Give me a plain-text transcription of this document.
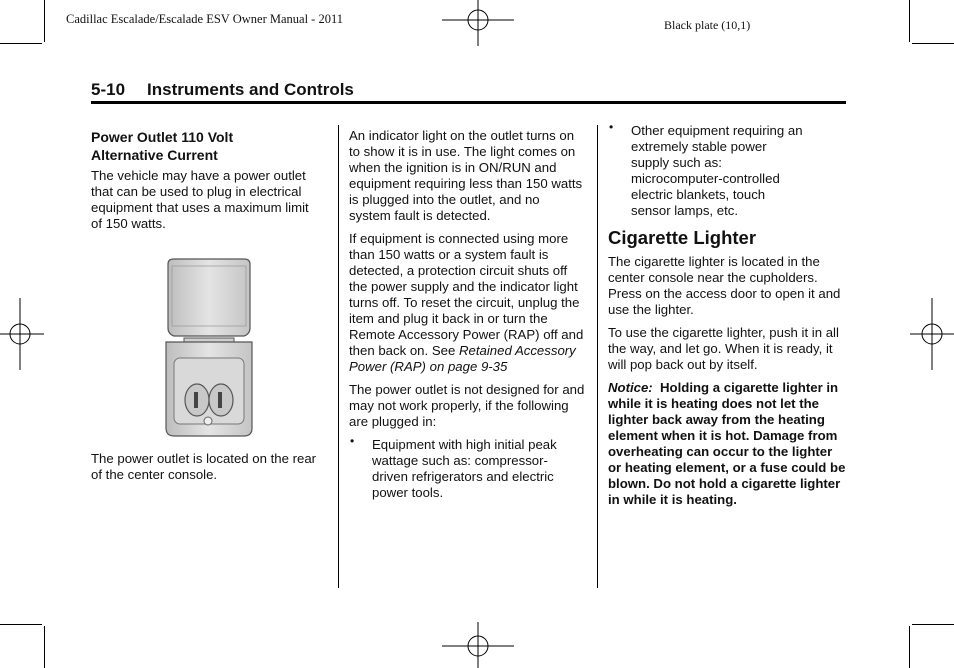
Cadillac Escalade/Escalade ESV Owner Manual - 2011	Black plate (10,1)
5-10 Instruments and Controls
Power Outlet 110 Volt
Alternative Current

The vehicle may have a power outlet that can be used to plug in electrical equipment that uses a maximum limit of 150 watts.

The power outlet is located on the rear of the center console.

An indicator light on the outlet turns on to show it is in use. The light comes on when the ignition is in ON/RUN and equipment requiring less than 150 watts is plugged into the outlet, and no system fault is detected.

If equipment is connected using more than 150 watts or a system fault is detected, a protection circuit shuts off the power supply and the indicator light turns off. To reset the circuit, unplug the item and plug it back in or turn the Remote Accessory Power (RAP) off and then back on. See Retained Accessory Power (RAP) on page 9-35

The power outlet is not designed for and may not work properly, if the following are plugged in:

• Equipment with high initial peak wattage such as: compressor-driven refrigerators and electric power tools.
• Other equipment requiring an extremely stable power supply such as: microcomputer-controlled electric blankets, touch sensor lamps, etc.
Cigarette Lighter

The cigarette lighter is located in the center console near the cupholders. Press on the access door to open it and use the lighter.

To use the cigarette lighter, push it in all the way, and let go. When it is ready, it will pop back out by itself.

Notice: Holding a cigarette lighter in while it is heating does not let the lighter back away from the heating element when it is hot. Damage from overheating can occur to the lighter or heating element, or a fuse could be blown. Do not hold a cigarette lighter in while it is heating.
